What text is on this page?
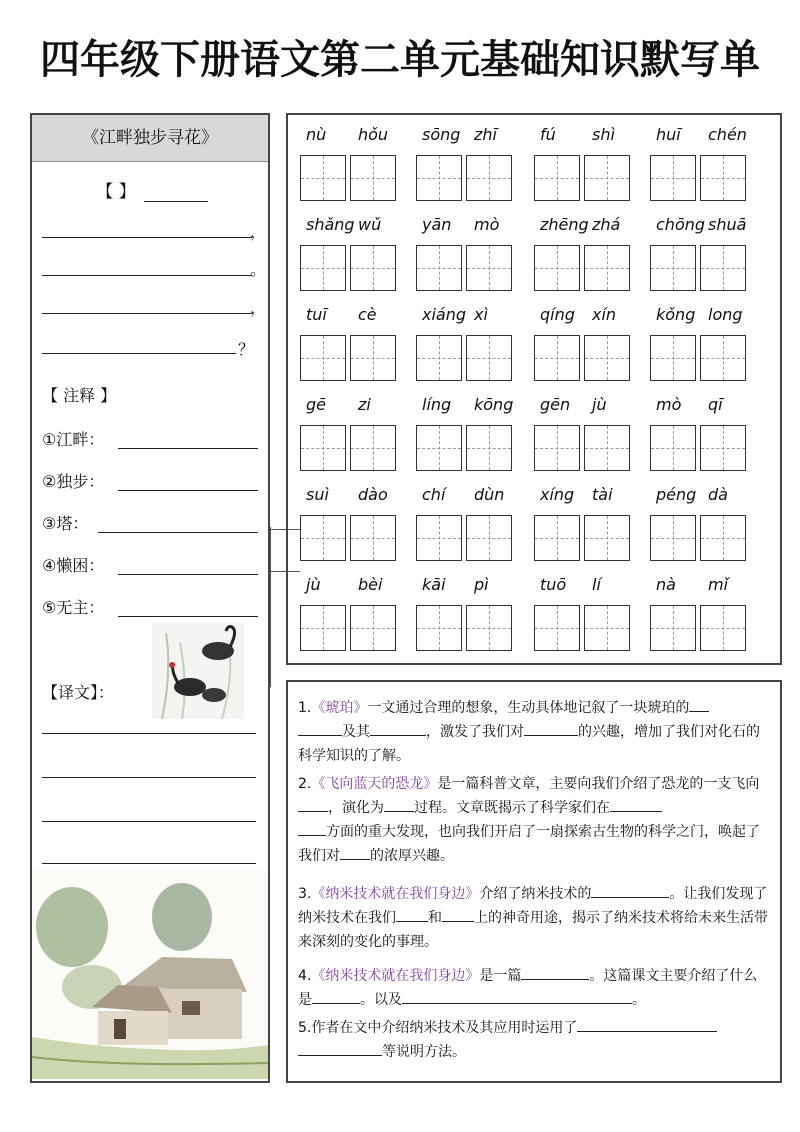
四年级下册语文第二单元基础知识默写单
《江畔独步寻花》
【 】
，
。
，
？
【 注释 】
①江畔：
②独步：
③塔：
④懒困：
⑤无主：
【译文】：
nù hǒu sōng zhī	fú shì	huī chén
shǎng wǔ	yān mò	zhēng zhá chōng shuā
tuī cè	xiáng xì	qíng xín kǒng long
gē zi	líng kōng gēn jù	mò qī
suì dào chí dùn xíng tài	péng dà
jù bèi kāi pì	tuō lí	nà mǐ
1.《琥珀》一文通过合理的想象，生动具体地记叙了一块琥珀的
及其	，激发了我们对	的兴趣，增加了我们对化石的科学知识的了解。
2.《飞向蓝天的恐龙》是一篇科普文章，主要向我们介绍了恐龙的一支飞向，演化为 过程。文章既揭示了科学家们在
方面的重大发现，也向我们开启了一扇探索古生物的科学之门，唤起了我们对 的浓厚兴趣。
3.《纳米技术就在我们身边》介绍了纳米技术的	。让我们发现了纳米技术在我们 和 上的神奇用途，揭示了纳米技术将给未来生活带来深刻的变化的事理。
4.《纳米技术就在我们身边》是一篇	。这篇课文主要介绍了什么是	。以及	。
5.作者在文中介绍纳米技术及其应用时运用了
等说明方法。
